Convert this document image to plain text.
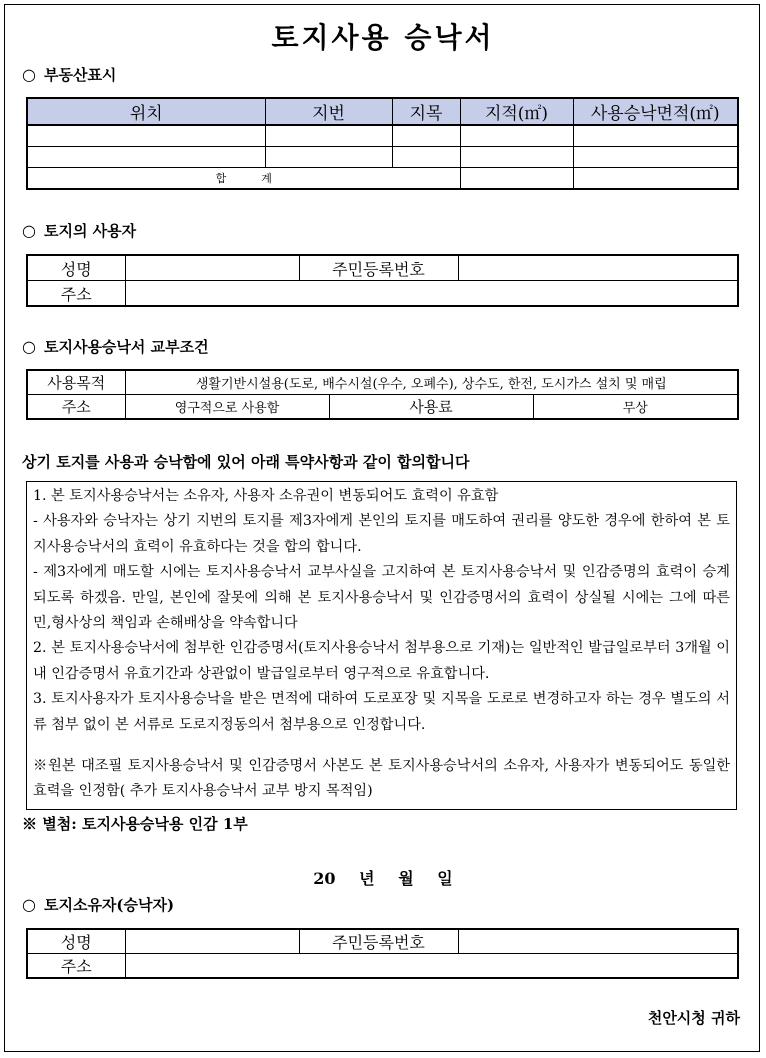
토지사용 승낙서
○ 부동산표시
위치	지번	지목	지적(㎡)	사용승낙면적(㎡)

합          계				
○ 토지의 사용자
성명		주민등록번호	
주소			
○ 토지사용승낙서 교부조건
사용목적	생활기반시설용(도로, 배수시설(우수, 오폐수), 상수도, 한전, 도시가스 설치 및 매립		
주소	영구적으로 사용함	사용료	무상
상기 토지를 사용과 승낙함에 있어 아래 특약사항과 같이 합의합니다

1. 본 토지사용승낙서는 소유자, 사용자 소유권이 변동되어도 효력이 유효함

- 사용자와 승낙자는 상기 지번의 토지를 제3자에게 본인의 토지를 매도하여 권리를 양도한 경우에 한하여 본 토지사용승낙서의 효력이 유효하다는 것을 합의 합니다.

- 제3자에게 매도할 시에는 토지사용승낙서 교부사실을 고지하여 본 토지사용승낙서 및 인감증명의 효력이 승계되도록 하겠음. 만일, 본인에 잘못에 의해 본 토지사용승낙서 및 인감증명서의 효력이 상실될 시에는 그에 따른 민,형사상의 책임과 손해배상을 약속합니다

2. 본 토지사용승낙서에 첨부한 인감증명서(토지사용승낙서 첨부용으로 기재)는 일반적인 발급일로부터 3개월 이내 인감증명서 유효기간과 상관없이 발급일로부터 영구적으로 유효합니다.

3. 토지사용자가 토지사용승낙을 받은 면적에 대하여 도로포장 및 지목을 도로로 변경하고자 하는 경우 별도의 서류 첨부 없이 본 서류로 도로지정동의서 첨부용으로 인정합니다.

※원본 대조필 토지사용승낙서 및 인감증명서 사본도 본 토지사용승낙서의 소유자, 사용자가 변동되어도 동일한 효력을 인정함( 추가 토지사용승낙서 교부 방지 목적임)

※ 별첨: 토지사용승낙용 인감 1부
20 년 월 일
○ 토지소유자(승낙자)
성명		주민등록번호	
주소			
천안시청 귀하
